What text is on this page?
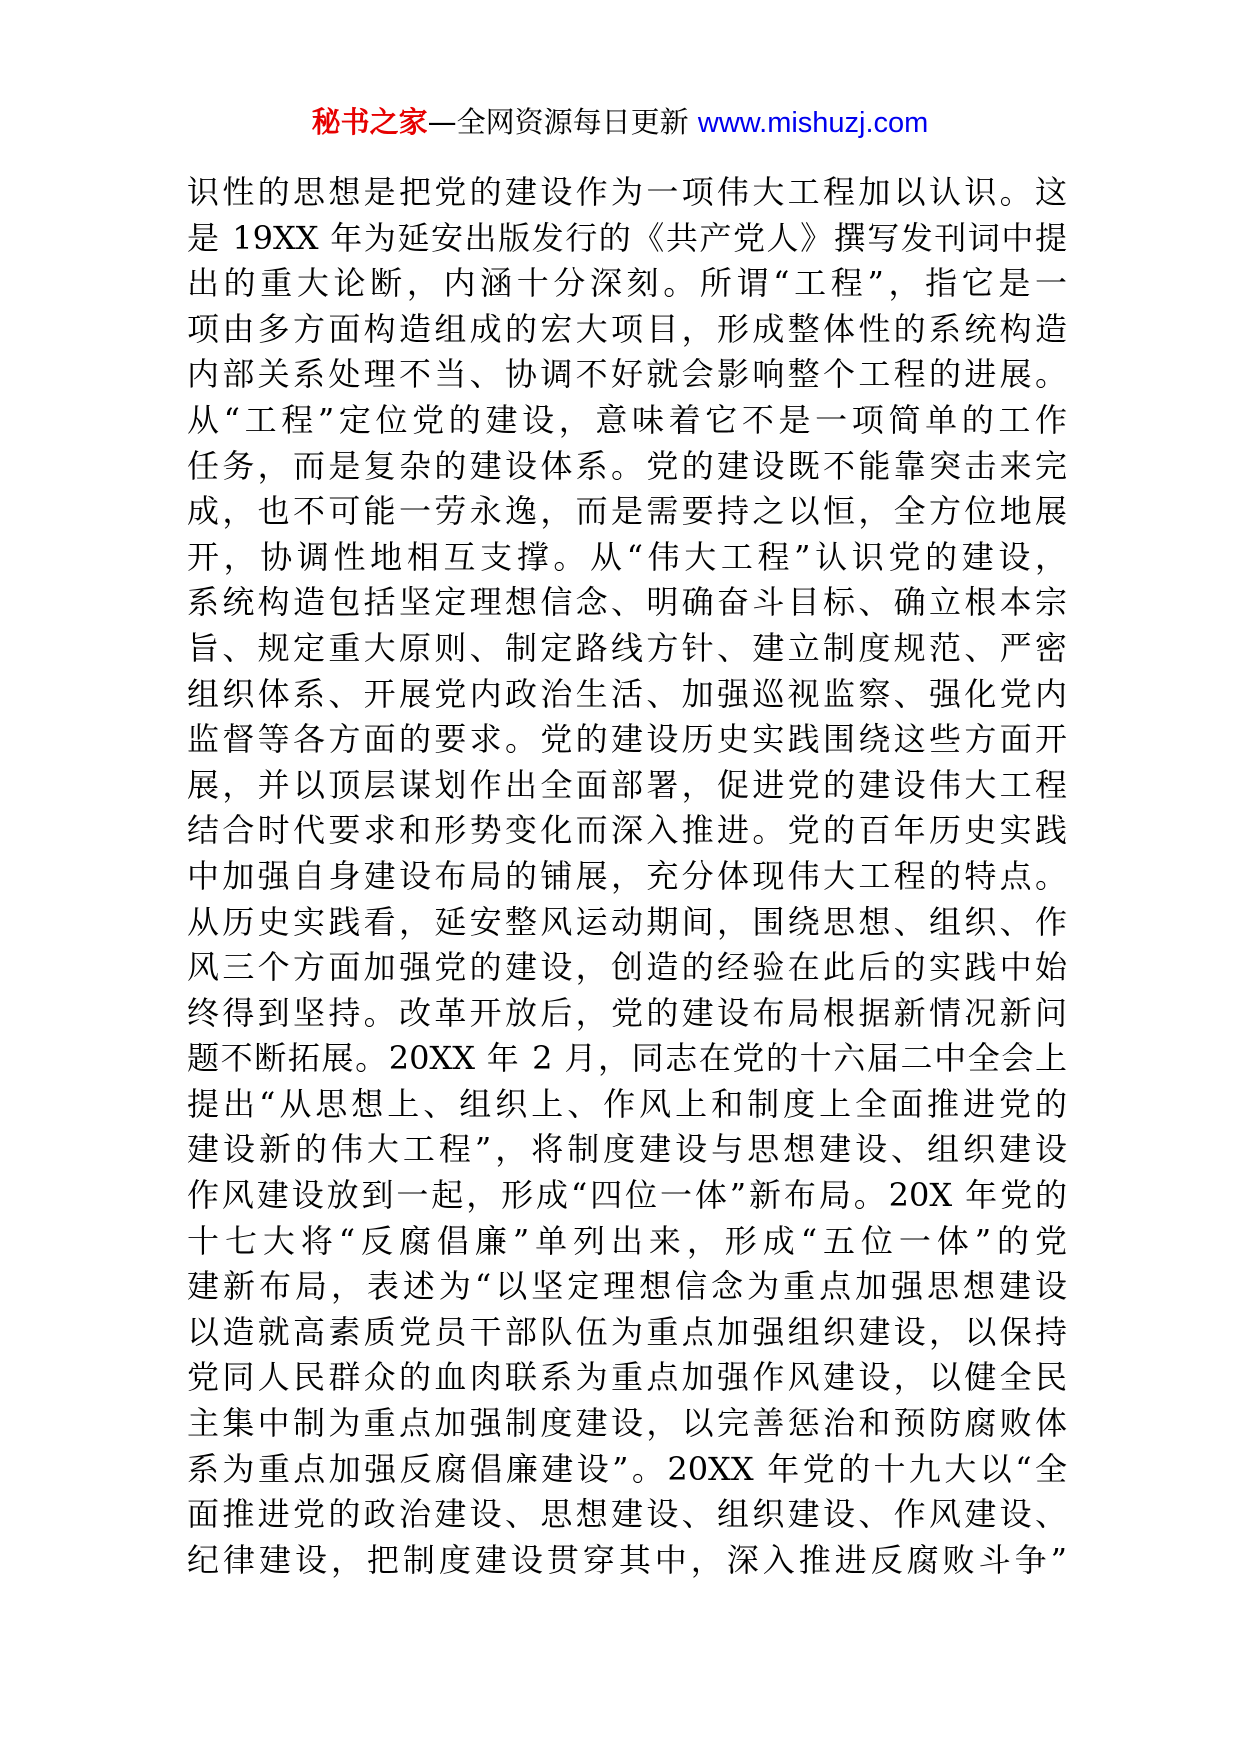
秘书之家—全网资源每日更新 www.mishuzj.com
识性的思想是把党的建设作为一项伟大工程加以认识。这
是 19XX 年为延安出版发行的《共产党人》撰写发刊词中提
出的重大论断，内涵十分深刻。所谓“工程”，指它是一
项由多方面构造组成的宏大项目，形成整体性的系统构造
内部关系处理不当、协调不好就会影响整个工程的进展。
从“工程”定位党的建设，意味着它不是一项简单的工作
任务，而是复杂的建设体系。党的建设既不能靠突击来完
成，也不可能一劳永逸，而是需要持之以恒，全方位地展
开，协调性地相互支撑。从“伟大工程”认识党的建设，
系统构造包括坚定理想信念、明确奋斗目标、确立根本宗
旨、规定重大原则、制定路线方针、建立制度规范、严密
组织体系、开展党内政治生活、加强巡视监察、强化党内
监督等各方面的要求。党的建设历史实践围绕这些方面开
展，并以顶层谋划作出全面部署，促进党的建设伟大工程
结合时代要求和形势变化而深入推进。党的百年历史实践
中加强自身建设布局的铺展，充分体现伟大工程的特点。
从历史实践看，延安整风运动期间，围绕思想、组织、作
风三个方面加强党的建设，创造的经验在此后的实践中始
终得到坚持。改革开放后，党的建设布局根据新情况新问
题不断拓展。20XX 年 2 月，同志在党的十六届二中全会上
提出“从思想上、组织上、作风上和制度上全面推进党的
建设新的伟大工程”，将制度建设与思想建设、组织建设
作风建设放到一起，形成“四位一体”新布局。20X 年党的
十七大将“反腐倡廉”单列出来，形成“五位一体”的党
建新布局，表述为“以坚定理想信念为重点加强思想建设
以造就高素质党员干部队伍为重点加强组织建设，以保持
党同人民群众的血肉联系为重点加强作风建设，以健全民
主集中制为重点加强制度建设，以完善惩治和预防腐败体
系为重点加强反腐倡廉建设”。20XX 年党的十九大以“全
面推进党的政治建设、思想建设、组织建设、作风建设、
纪律建设，把制度建设贯穿其中，深入推进反腐败斗争”
